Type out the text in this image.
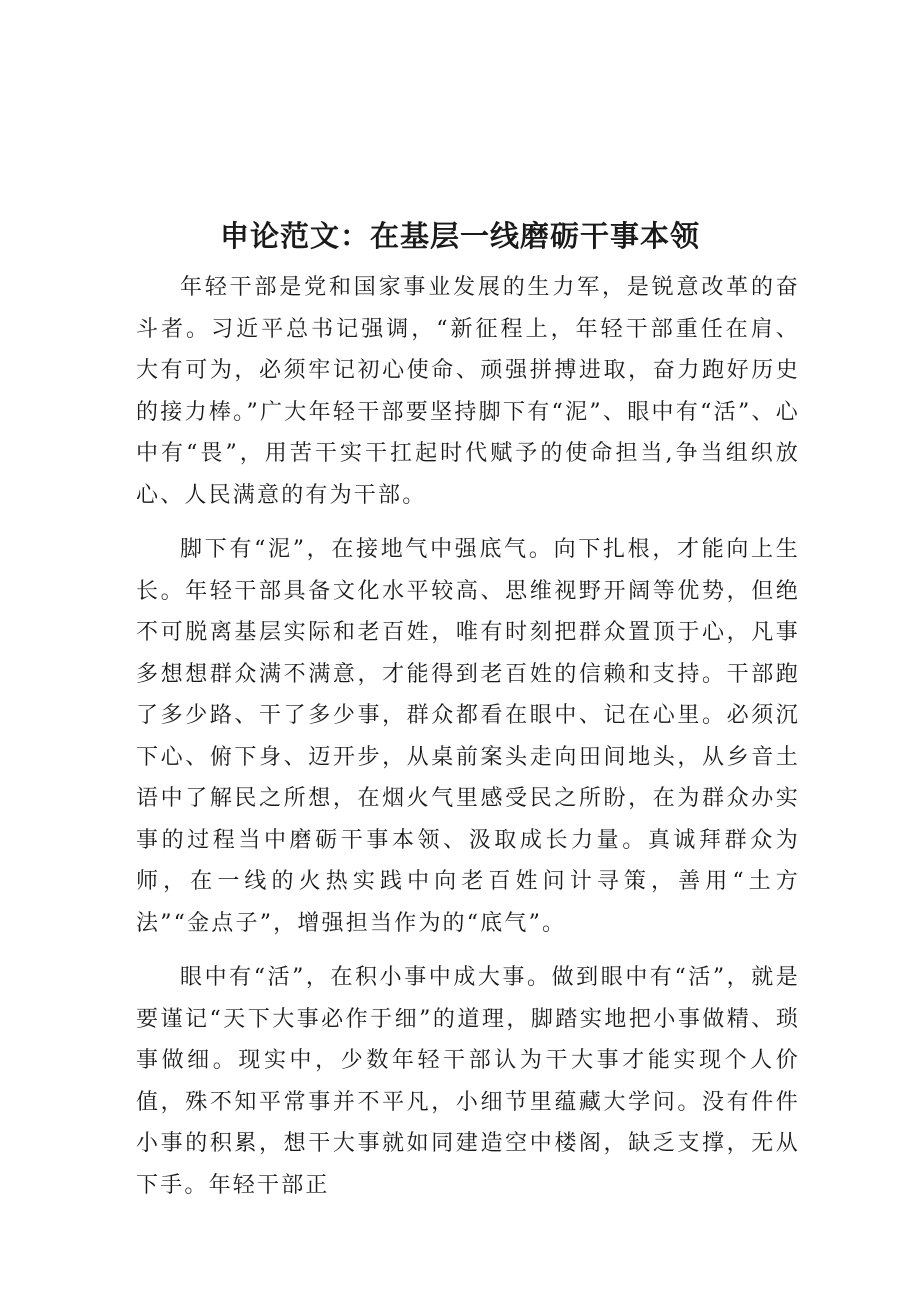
申论范文：在基层一线磨砺干事本领

年轻干部是党和国家事业发展的生力军，是锐意改革的奋斗者。习近平总书记强调，“新征程上，年轻干部重任在肩、大有可为，必须牢记初心使命、顽强拼搏进取，奋力跑好历史的接力棒。”广大年轻干部要坚持脚下有“泥”、眼中有“活”、心中有“畏”，用苦干实干扛起时代赋予的使命担当,争当组织放心、人民满意的有为干部。

脚下有“泥”，在接地气中强底气。向下扎根，才能向上生长。年轻干部具备文化水平较高、思维视野开阔等优势，但绝不可脱离基层实际和老百姓，唯有时刻把群众置顶于心，凡事多想想群众满不满意，才能得到老百姓的信赖和支持。干部跑了多少路、干了多少事，群众都看在眼中、记在心里。必须沉下心、俯下身、迈开步，从桌前案头走向田间地头，从乡音土语中了解民之所想，在烟火气里感受民之所盼，在为群众办实事的过程当中磨砺干事本领、汲取成长力量。真诚拜群众为师，在一线的火热实践中向老百姓问计寻策，善用“土方法”“金点子”，增强担当作为的“底气”。

眼中有“活”，在积小事中成大事。做到眼中有“活”，就是要谨记“天下大事必作于细”的道理，脚踏实地把小事做精、琐事做细。现实中，少数年轻干部认为干大事才能实现个人价值，殊不知平常事并不平凡，小细节里蕴藏大学问。没有件件小事的积累，想干大事就如同建造空中楼阁，缺乏支撑，无从下手。年轻干部正
